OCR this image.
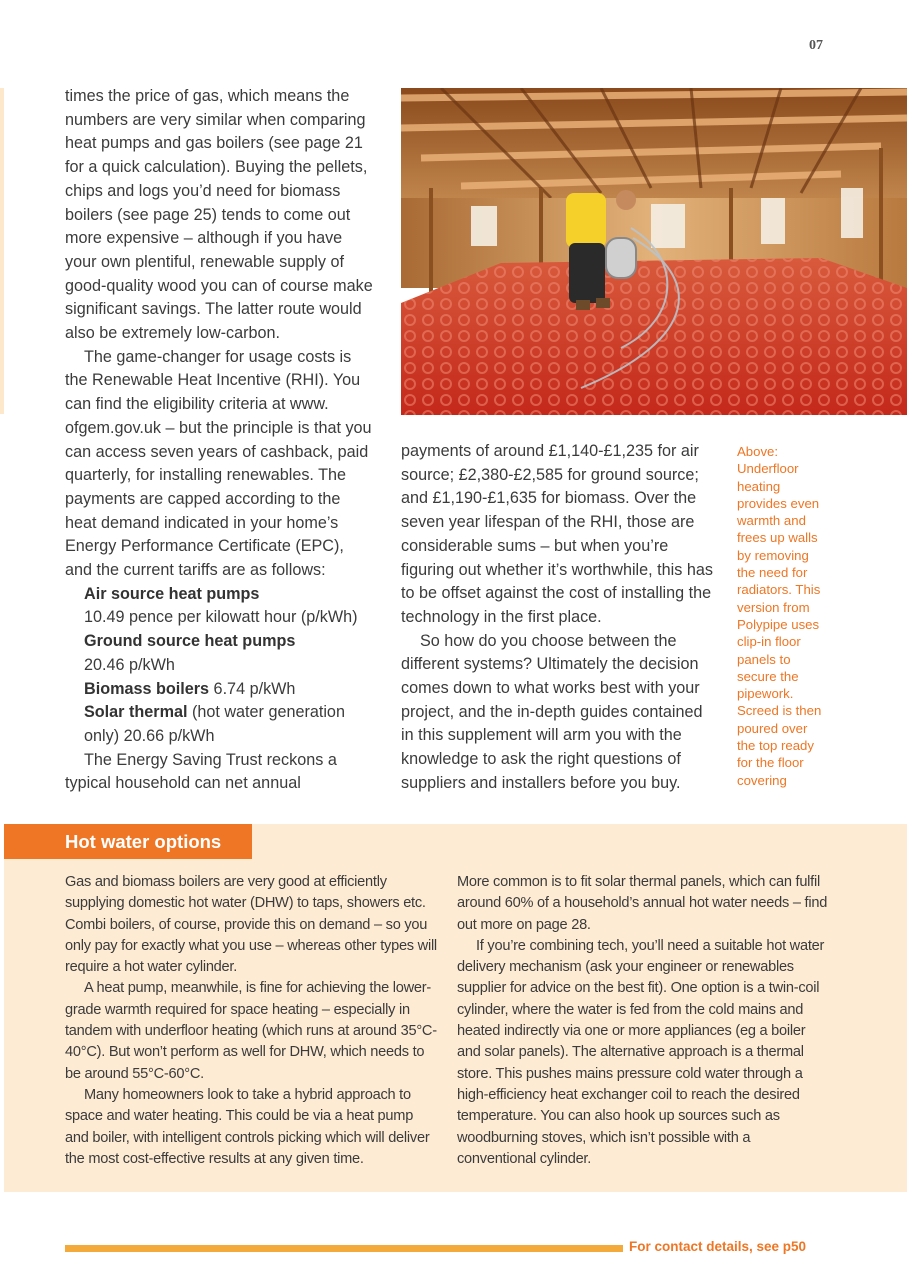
07

times the price of gas, which means the numbers are very similar when comparing heat pumps and gas boilers (see page 21 for a quick calculation). Buying the pellets, chips and logs you’d need for biomass boilers (see page 25) tends to come out more expensive – although if you have your own plentiful, renewable supply of good-quality wood you can of course make significant savings. The latter route would also be extremely low-carbon.

The game-changer for usage costs is the Renewable Heat Incentive (RHI). You can find the eligibility criteria at www. ofgem.gov.uk – but the principle is that you can access seven years of cashback, paid quarterly, for installing renewables. The payments are capped according to the heat demand indicated in your home’s Energy Performance Certificate (EPC), and the current tariffs are as follows:

Air source heat pumps
10.49 pence per kilowatt hour (p/kWh)

Ground source heat pumps
20.46 p/kWh

Biomass boilers 6.74 p/kWh

Solar thermal (hot water generation only) 20.66 p/kWh

The Energy Saving Trust reckons a typical household can net annual

payments of around £1,140-£1,235 for air source; £2,380-£2,585 for ground source; and £1,190-£1,635 for biomass. Over the seven year lifespan of the RHI, those are considerable sums – but when you’re figuring out whether it’s worthwhile, this has to be offset against the cost of installing the technology in the first place.

So how do you choose between the different systems? Ultimately the decision comes down to what works best with your project, and the in-depth guides contained in this supplement will arm you with the knowledge to ask the right questions of suppliers and installers before you buy.

Above: Underfloor heating provides even warmth and frees up walls by removing the need for radiators. This version from Polypipe uses clip-in floor panels to secure the pipework. Screed is then poured over the top ready for the floor covering
Hot water options

Gas and biomass boilers are very good at efficiently supplying domestic hot water (DHW) to taps, showers etc. Combi boilers, of course, provide this on demand – so you only pay for exactly what you use – whereas other types will require a hot water cylinder.

A heat pump, meanwhile, is fine for achieving the lower-grade warmth required for space heating – especially in tandem with underfloor heating (which runs at around 35°C-40°C). But won’t perform as well for DHW, which needs to be around 55°C-60°C.

Many homeowners look to take a hybrid approach to space and water heating. This could be via a heat pump and boiler, with intelligent controls picking which will deliver the most cost-effective results at any given time.

More common is to fit solar thermal panels, which can fulfil around 60% of a household’s annual hot water needs – find out more on page 28.

If you’re combining tech, you’ll need a suitable hot water delivery mechanism (ask your engineer or renewables supplier for advice on the best fit). One option is a twin-coil cylinder, where the water is fed from the cold mains and heated indirectly via one or more appliances (eg a boiler and solar panels). The alternative approach is a thermal store. This pushes mains pressure cold water through a high-efficiency heat exchanger coil to reach the desired temperature. You can also hook up sources such as woodburning stoves, which isn’t possible with a conventional cylinder.

For contact details, see p50
